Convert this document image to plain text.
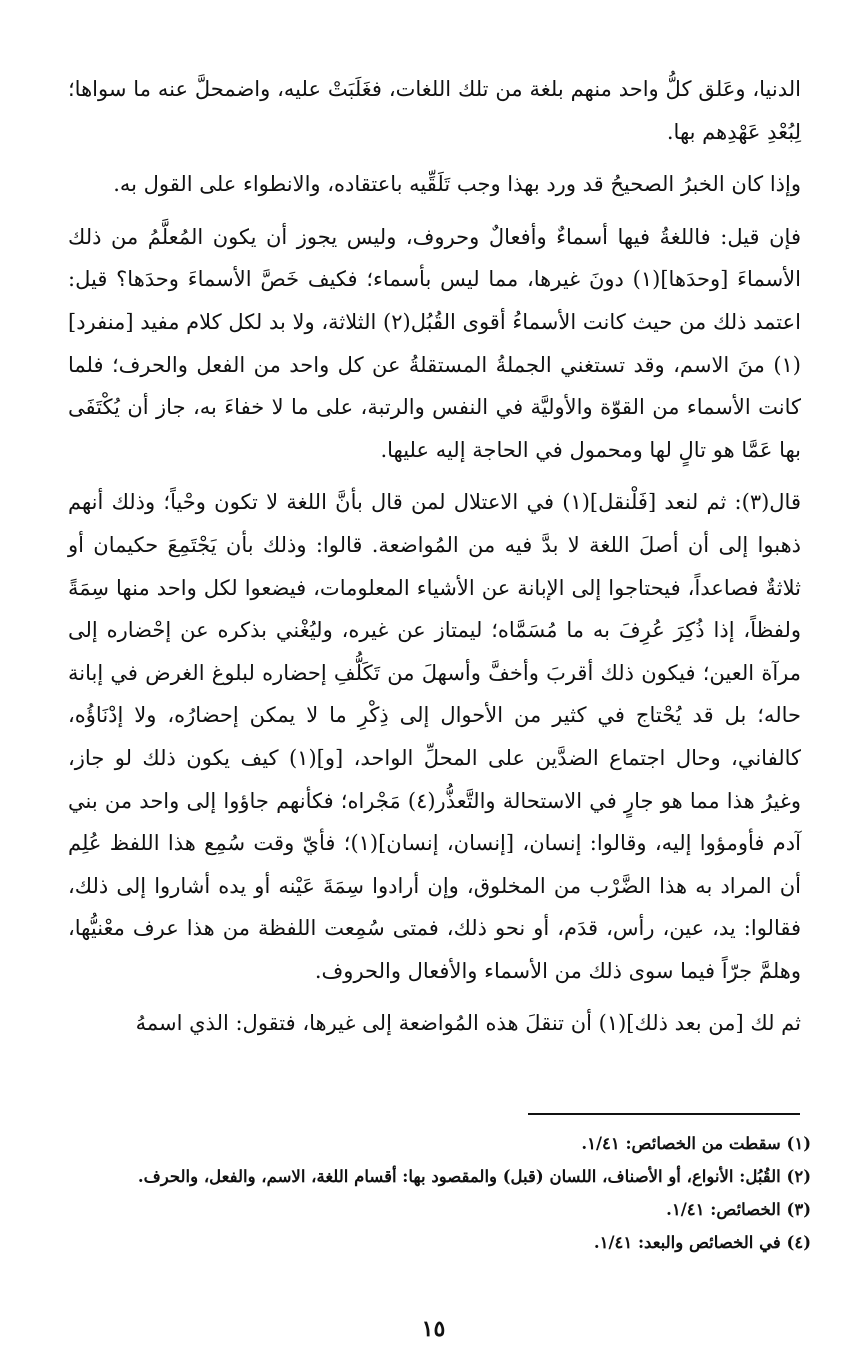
الدنيا، وعَلق كلُّ واحد منهم بلغة من تلك اللغات، فغَلَبَتْ عليه، واضمحلَّ عنه ما سواها؛ لِبُعْدِ عَهْدِهم بها.

وإذا كان الخبرُ الصحيحُ قد ورد بهذا وجب تَلَقِّيه باعتقاده، والانطواء على القول به.

فإن قيل: فاللغةُ فيها أسماءٌ وأفعالٌ وحروف، وليس يجوز أن يكون المُعلَّمُ من ذلك الأسماءَ [وحدَها](١) دونَ غيرها، مما ليس بأسماء؛ فكيف خَصَّ الأسماءَ وحدَها؟ قيل: اعتمد ذلك من حيث كانت الأسماءُ أقوى القُبُل(٢) الثلاثة، ولا بد لكل كلام مفيد [منفرد](١) منَ الاسم، وقد تستغني الجملةُ المستقلةُ عن كل واحد من الفعل والحرف؛ فلما كانت الأسماء من القوّة والأوليَّة في النفس والرتبة، على ما لا خفاءَ به، جاز أن يُكْتَفَى بها عَمَّا هو تالٍ لها ومحمول في الحاجة إليه عليها.

قال(٣): ثم لنعد [فَلْنقل](١) في الاعتلال لمن قال بأنَّ اللغة لا تكون وحْياً؛ وذلك أنهم ذهبوا إلى أن أصلَ اللغة لا بدَّ فيه من المُواضعة. قالوا: وذلك بأن يَجْتَمِعَ حكيمان أو ثلاثةٌ فصاعداً، فيحتاجوا إلى الإبانة عن الأشياء المعلومات، فيضعوا لكل واحد منها سِمَةً ولفظاً، إذا ذُكِرَ عُرِفَ به ما مُسَمَّاه؛ ليمتاز عن غيره، وليُغْني بذكره عن إحْضاره إلى مرآة العين؛ فيكون ذلك أقربَ وأخفَّ وأسهلَ من تَكَلُّفِ إحضاره لبلوغ الغرض في إبانة حاله؛ بل قد يُحْتاج في كثير من الأحوال إلى ذِكْرِ ما لا يمكن إحضارُه، ولا إدْنَاؤُه، كالفاني، وحال اجتماع الضدَّين على المحلِّ الواحد، [و](١) كيف يكون ذلك لو جاز، وغيرُ هذا مما هو جارٍ في الاستحالة والتَّعذُّر(٤) مَجْراه؛ فكأنهم جاؤوا إلى واحد من بني آدم فأومؤوا إليه، وقالوا: إنسان، [إنسان، إنسان](١)؛ فأيّ وقت سُمِع هذا اللفظ عُلِم أن المراد به هذا الضَّرْب من المخلوق، وإن أرادوا سِمَةَ عَيْنه أو يده أشاروا إلى ذلك، فقالوا: يد، عين، رأس، قدَم، أو نحو ذلك، فمتى سُمِعت اللفظة من هذا عرف معْنيُّها، وهلمَّ جرّاً فيما سوى ذلك من الأسماء والأفعال والحروف.

ثم لك [من بعد ذلك](١) أن تنقلَ هذه المُواضعة إلى غيرها، فتقول: الذي اسمهُ

(١) سقطت من الخصائص: ١/٤١.

(٢) القُبُل: الأنواع، أو الأصناف، اللسان (قبل) والمقصود بها: أقسام اللغة، الاسم، والفعل، والحرف.

(٣) الخصائص: ١/٤١.

(٤) في الخصائص والبعد: ١/٤١.

١٥
